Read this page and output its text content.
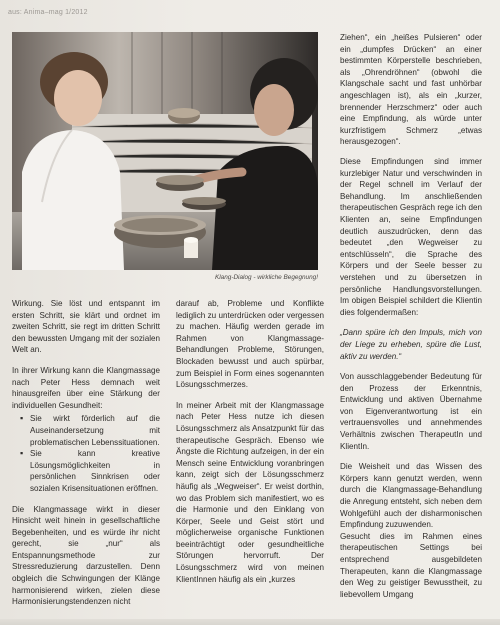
aus: Anima–mag 1/2012
Klang-Dialog - wirkliche Begegnung!

Ziehen“, ein „heißes Pulsieren“ oder ein „dumpfes Drücken“ an einer bestimmten Körperstelle beschrieben, als „Ohrendröhnen“ (obwohl die Klangschale sacht und fast unhörbar angeschlagen ist), als ein „kurzer, brennender Herzschmerz“ oder auch eine Empfindung, als würde unter kurzfristigem Schmerz „etwas herausgezogen“.

Diese Empfindungen sind immer kurzlebiger Natur und verschwinden in der Regel schnell im Verlauf der Behandlung. Im anschließenden therapeutischen Gespräch rege ich den Klienten an, seine Empfindungen deutlich auszudrücken, denn das bedeutet „den Wegweiser zu entschlüsseln“, die Sprache des Körpers und der Seele besser zu verstehen und zu übersetzen in persönliche Handlungsvorstellungen. Im obigen Beispiel schildert die Klientin dies folgendermaßen:

„Dann spüre ich den Impuls, mich von der Liege zu erheben, spüre die Lust, aktiv zu werden.“

Von ausschlaggebender Bedeutung für den Prozess der Erkenntnis, Entwicklung und aktiven Übernahme von Eigenverantwortung ist ein vertrauensvolles und annehmendes Verhältnis zwischen TherapeutIn und KlientIn.

Die Weisheit und das Wissen des Körpers kann genutzt werden, wenn durch die Klangmassage-Behandlung die Anregung entsteht, sich neben dem Wohlgefühl auch der disharmonischen Empfindung zuzuwenden.

Gesucht dies im Rahmen eines therapeutischen Settings bei entsprechend ausgebildeten Therapeuten, kann die Klangmassage den Weg zu geistiger Bewusstheit, zu liebevollem Umgang

Wirkung. Sie löst und entspannt im ersten Schritt, sie klärt und ordnet im zweiten Schritt, sie regt im dritten Schritt den bewussten Umgang mit der sozialen Welt an.

In ihrer Wirkung kann die Klangmassage nach Peter Hess demnach weit hinausgreifen über eine Stärkung der individuellen Gesundheit:

▪ Sie wirkt förderlich auf die Auseinandersetzung mit problematischen Lebenssituationen.
▪ Sie kann kreative Lösungsmöglichkeiten in persönlichen Sinnkrisen oder sozialen Krisensituationen eröffnen.

Die Klangmassage wirkt in dieser Hinsicht weit hinein in gesellschaftliche Begebenheiten, und es würde ihr nicht gerecht, sie „nur“ als Entspannungsmethode zur Stressreduzierung darzustellen. Denn obgleich die Schwingungen der Klänge harmonisierend wirken, zielen diese Harmonisierungstendenzen nicht

darauf ab, Probleme und Konflikte lediglich zu unterdrücken oder vergessen zu machen. Häufig werden gerade im Rahmen von Klangmassage-Behandlungen Probleme, Störungen, Blockaden bewusst und auch spürbar, zum Beispiel in Form eines sogenannten Lösungsschmerzes.

In meiner Arbeit mit der Klangmassage nach Peter Hess nutze ich diesen Lösungsschmerz als Ansatzpunkt für das therapeutische Gespräch. Ebenso wie Ängste die Richtung aufzeigen, in der ein Mensch seine Entwicklung voranbringen kann, zeigt sich der Lösungsschmerz häufig als „Wegweiser“. Er weist dorthin, wo das Problem sich manifestiert, wo es die Harmonie und den Einklang von Körper, Seele und Geist stört und möglicherweise organische Funktionen beeinträchtigt oder gesundheitliche Störungen hervorruft. Der Lösungsschmerz wird von meinen KlientInnen häufig als ein „kurzes
